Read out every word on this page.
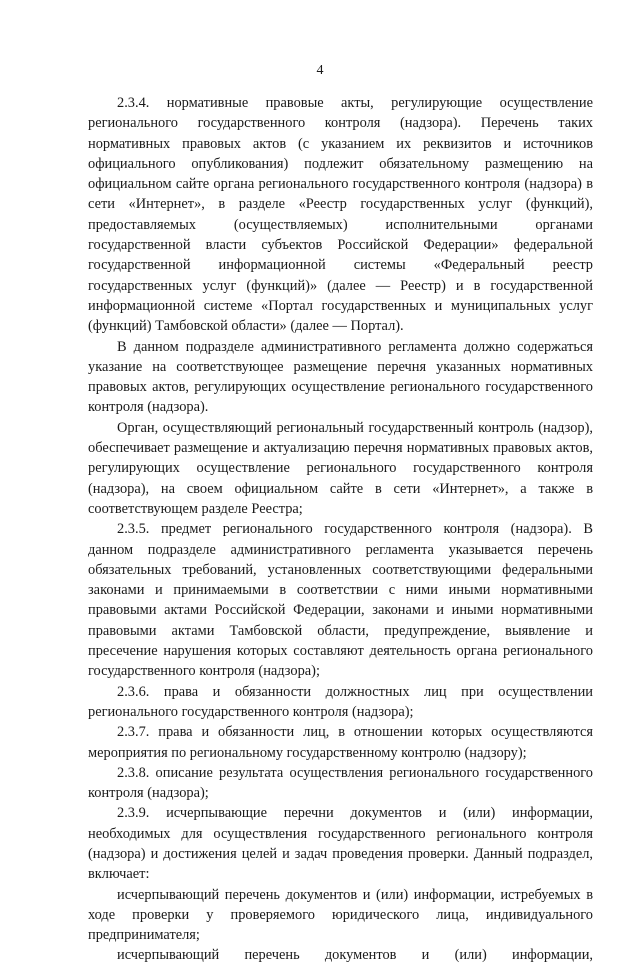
4

2.3.4. нормативные правовые акты, регулирующие осуществление регионального государственного контроля (надзора). Перечень таких нормативных правовых актов (с указанием их реквизитов и источников официального опубликования) подлежит обязательному размещению на официальном сайте органа регионального государственного контроля (надзора) в сети «Интернет», в разделе «Реестр государственных услуг (функций), предоставляемых (осуществляемых) исполнительными органами государственной власти субъектов Российской Федерации» федеральной государственной информационной системы «Федеральный реестр государственных услуг (функций)» (далее — Реестр) и в государственной информационной системе «Портал государственных и муниципальных услуг (функций) Тамбовской области» (далее — Портал).

В данном подразделе административного регламента должно содержаться указание на соответствующее размещение перечня указанных нормативных правовых актов, регулирующих осуществление регионального государственного контроля (надзора).

Орган, осуществляющий региональный государственный контроль (надзор), обеспечивает размещение и актуализацию перечня нормативных правовых актов, регулирующих осуществление регионального государственного контроля (надзора), на своем официальном сайте в сети «Интернет», а также в соответствующем разделе Реестра;

2.3.5. предмет регионального государственного контроля (надзора). В данном подразделе административного регламента указывается перечень обязательных требований, установленных соответствующими федеральными законами и принимаемыми в соответствии с ними иными нормативными правовыми актами Российской Федерации, законами и иными нормативными правовыми актами Тамбовской области, предупреждение, выявление и пресечение нарушения которых составляют деятельность органа регионального государственного контроля (надзора);

2.3.6. права и обязанности должностных лиц при осуществлении регионального государственного контроля (надзора);

2.3.7. права и обязанности лиц, в отношении которых осуществляются мероприятия по региональному государственному контролю (надзору);

2.3.8. описание результата осуществления регионального государственного контроля (надзора);

2.3.9. исчерпывающие перечни документов и (или) информации, необходимых для осуществления государственного регионального контроля (надзора) и достижения целей и задач проведения проверки. Данный подраздел, включает:

исчерпывающий перечень документов и (или) информации, истребуемых в ходе проверки у проверяемого юридического лица, индивидуального предпринимателя;

исчерпывающий перечень документов и (или) информации,
